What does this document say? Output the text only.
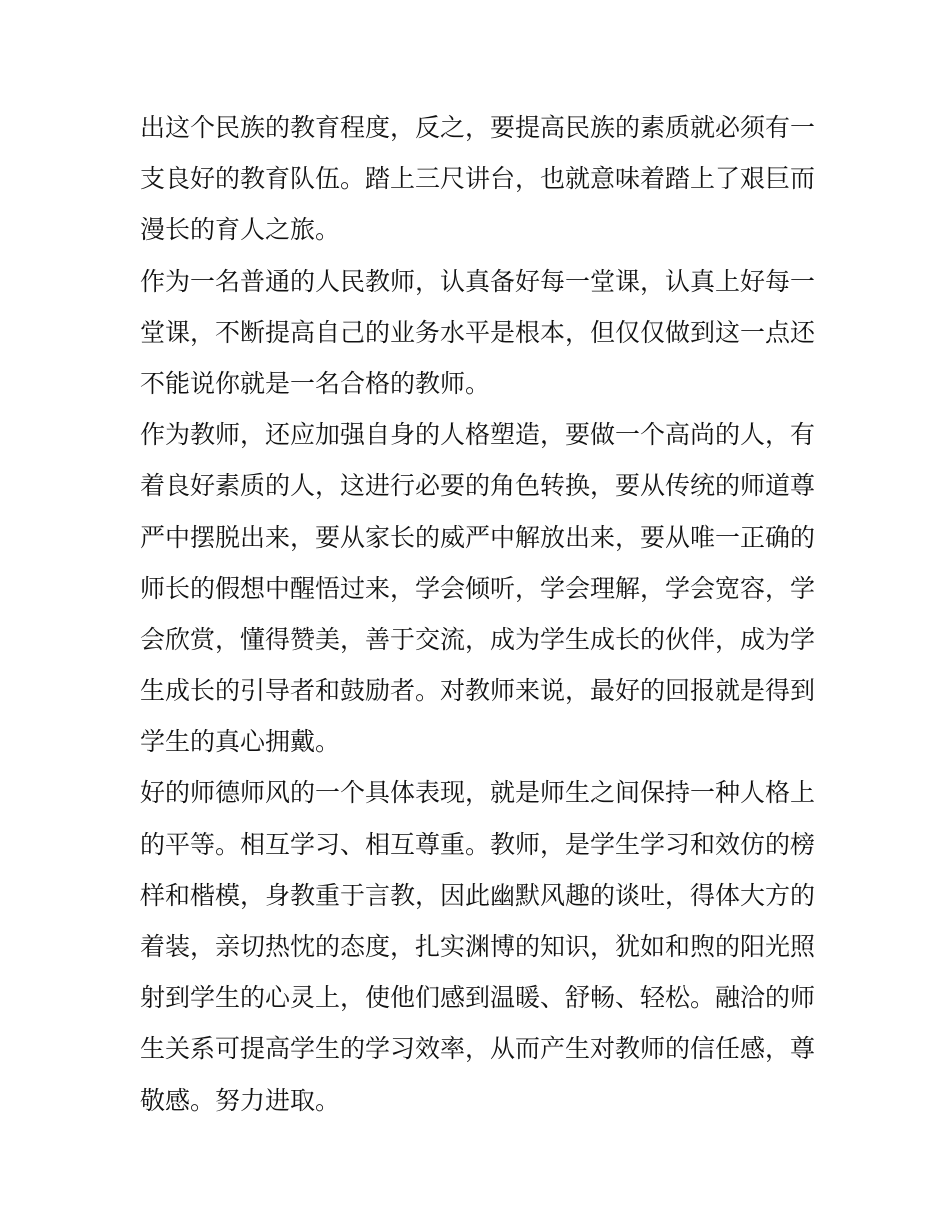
出这个民族的教育程度，反之，要提高民族的素质就必须有一
支良好的教育队伍。踏上三尺讲台，也就意味着踏上了艰巨而
漫长的育人之旅。
作为一名普通的人民教师，认真备好每一堂课，认真上好每一
堂课，不断提高自己的业务水平是根本，但仅仅做到这一点还
不能说你就是一名合格的教师。
作为教师，还应加强自身的人格塑造，要做一个高尚的人，有
着良好素质的人，这进行必要的角色转换，要从传统的师道尊
严中摆脱出来，要从家长的威严中解放出来，要从唯一正确的
师长的假想中醒悟过来，学会倾听，学会理解，学会宽容，学
会欣赏，懂得赞美，善于交流，成为学生成长的伙伴，成为学
生成长的引导者和鼓励者。对教师来说，最好的回报就是得到
学生的真心拥戴。
好的师德师风的一个具体表现，就是师生之间保持一种人格上
的平等。相互学习、相互尊重。教师，是学生学习和效仿的榜
样和楷模，身教重于言教，因此幽默风趣的谈吐，得体大方的
着装，亲切热忱的态度，扎实渊博的知识，犹如和煦的阳光照
射到学生的心灵上，使他们感到温暖、舒畅、轻松。融洽的师
生关系可提高学生的学习效率，从而产生对教师的信任感，尊
敬感。努力进取。
